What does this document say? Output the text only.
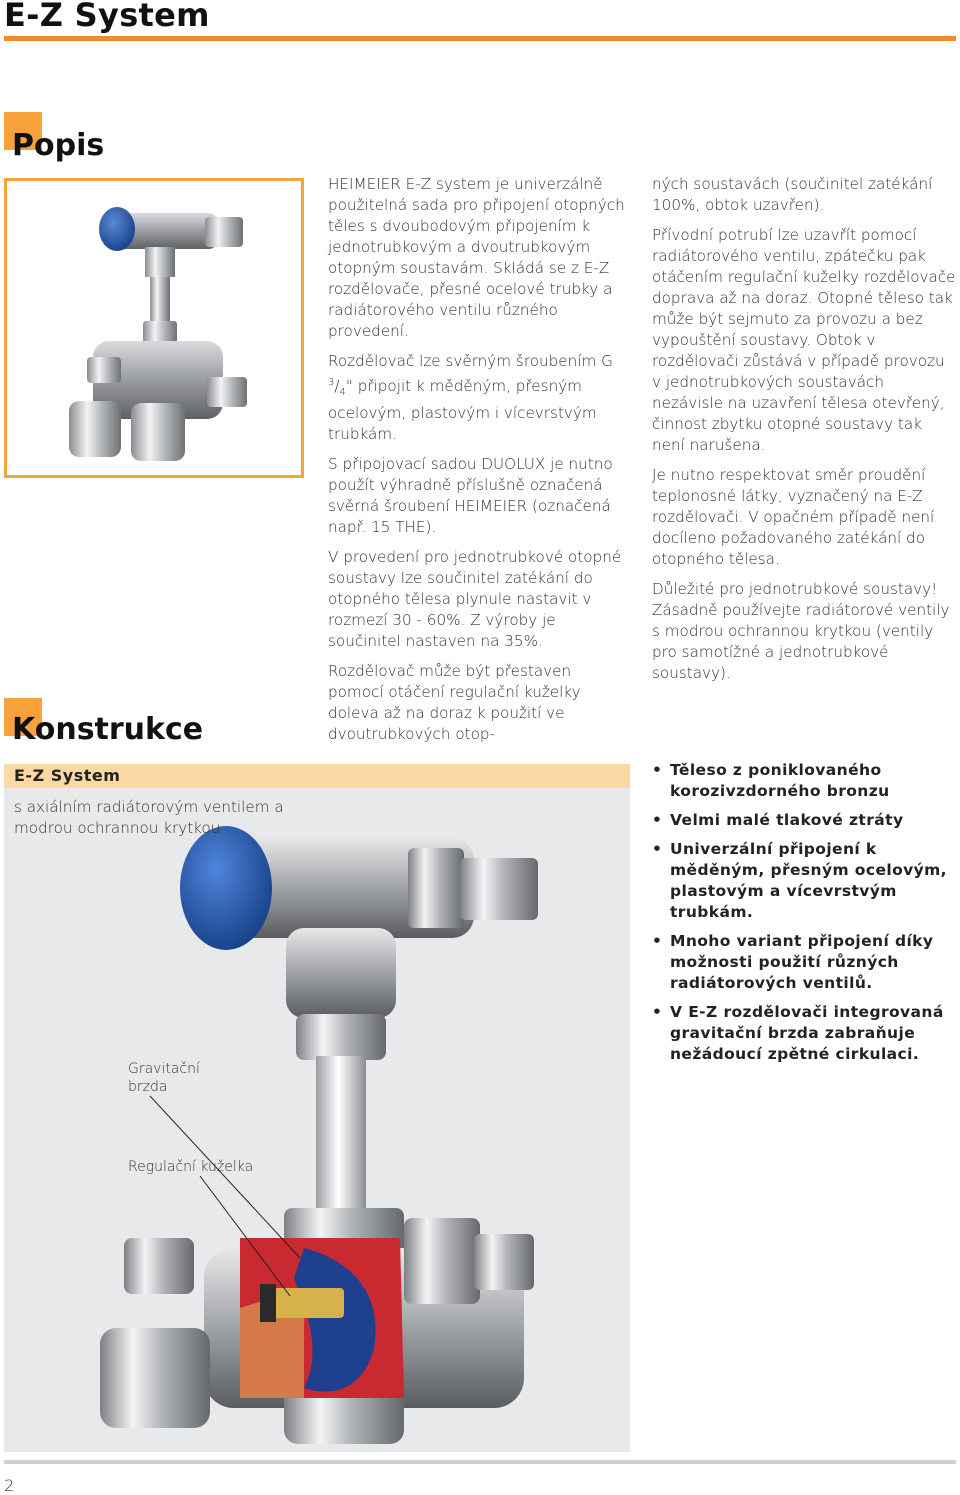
E-Z System
Popis

HEIMEIER E-Z system je univerzálně použitelná sada pro připojení otopných těles s dvoubodovým připojením k jednotrubkovým a dvoutrubkovým otopným soustavám. Skládá se z E-Z rozdělovače, přesné ocelové trubky a radiátorového ventilu různého provedení.

Rozdělovač lze svěrným šroubením G $^3/_4$" připojit k měděným, přesným ocelovým, plastovým i vícevrstvým trubkám.

S připojovací sadou DUOLUX je nutno použít výhradně příslušně označená svěrná šroubení HEIMEIER (označená např. 15 THE).

V provedení pro jednotrubkové otopné soustavy lze součinitel zatékání do otopného tělesa plynule nastavit v rozmezí 30 - 60%. Z výroby je součinitel nastaven na 35%.

Rozdělovač může být přestaven pomocí otáčení regulační kuželky doleva až na doraz k použití ve dvoutrubkových otop-

ných soustavách (součinitel zatékání 100%, obtok uzavřen).

Přívodní potrubí lze uzavřít pomocí radiátorového ventilu, zpátečku pak otáčením regulační kuželky rozdělovače doprava až na doraz. Otopné těleso tak může být sejmuto za provozu a bez vypouštění soustavy. Obtok v rozdělovači zůstává v případě provozu v jednotrubkových soustavách nezávisle na uzavření tělesa otevřený, činnost zbytku otopné soustavy tak není narušena.

Je nutno respektovat směr proudění teplonosné látky, vyznačený na E-Z rozdělovači. V opačném případě není docíleno požadovaného zatékání do otopného tělesa.

Důležité pro jednotrubkové soustavy! Zásadně používejte radiátorové ventily s modrou ochrannou krytkou (ventily pro samotížné a jednotrubkové soustavy).

Konstrukce
E-Z System
s axiálním radiátorovým ventilem a modrou ochrannou krytkou
Gravitační brzda
Regulační kuželka
• Těleso z poniklovaného korozivzdorného bronzu
• Velmi malé tlakové ztráty
• Univerzální připojení k měděným, přesným ocelovým, plastovým a vícevrstvým trubkám.
• Mnoho variant připojení díky možnosti použití různých radiátorových ventilů.
• V E-Z rozdělovači integrovaná gravitační brzda zabraňuje nežádoucí zpětné cirkulaci.
2
